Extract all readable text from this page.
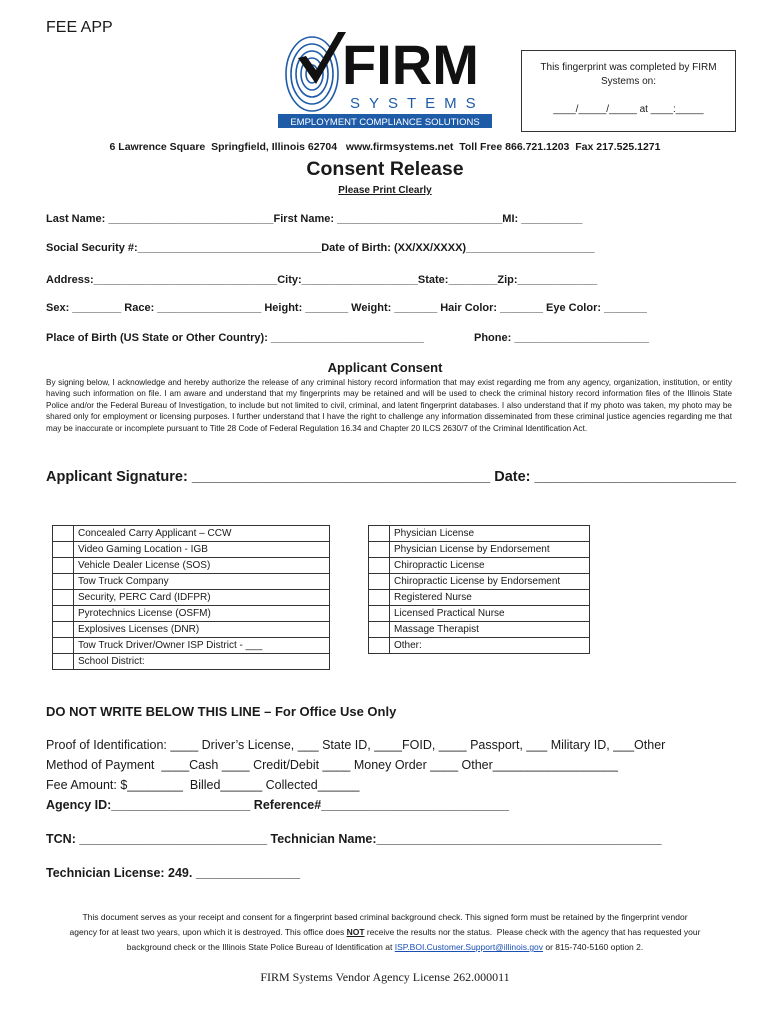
FEE APP
FIRM
SYSTEMS
EMPLOYMENT COMPLIANCE SOLUTIONS
This fingerprint was completed by FIRM
Systems on:
____/_____/_____ at ____:_____
6 Lawrence Square  Springfield, Illinois 62704   www.firmsystems.net  Toll Free 866.721.1203  Fax 217.525.1271
Consent Release
Please Print Clearly
Last Name: ___________________________First Name: ___________________________MI: __________
Social Security #:______________________________Date of Birth: (XX/XX/XXXX)_____________________
Address:______________________________City:___________________State:________Zip:_____________
Sex: ________ Race: _________________ Height: _______ Weight: _______ Hair Color: _______ Eye Color: _______
Place of Birth (US State or Other Country): _________________________	Phone: ______________________
Applicant Consent
By signing below, I acknowledge and hereby authorize the release of any criminal history record information that may exist regarding me from any agency, organization, institution, or entity having such information on file. I am aware and understand that my fingerprints may be retained and will be used to check the criminal history record information files of the Illinois State Police and/or the Federal Bureau of Investigation, to include but not limited to civil, criminal, and latent fingerprint databases. I also understand that if my photo was taken, my photo may be shared only for employment or licensing purposes. I further understand that I have the right to challenge any information disseminated from these criminal justice agencies regarding me that may be inaccurate or incomplete pursuant to Title 28 Code of Federal Regulation 16.34 and Chapter 20 ILCS 2630/7 of the Criminal Identification Act.
Applicant Signature: _____________________________________ Date: _________________________
	Concealed Carry Applicant – CCW
	Video Gaming Location - IGB
	Vehicle Dealer License (SOS)
	Tow Truck Company
	Security, PERC Card (IDFPR)
	Pyrotechnics License (OSFM)
	Explosives Licenses (DNR)
	Tow Truck Driver/Owner ISP District - ___
	School District:
	Physician License
	Physician License by Endorsement
	Chiropractic License
	Chiropractic License by Endorsement
	Registered Nurse
	Licensed Practical Nurse
	Massage Therapist
	Other:
DO NOT WRITE BELOW THIS LINE – For Office Use Only
Proof of Identification: ____ Driver’s License, ___ State ID, ____FOID, ____ Passport, ___ Military ID, ___Other
Method of Payment  ____Cash ____ Credit/Debit ____ Money Order ____ Other__________________
Fee Amount: $________  Billed______ Collected______
Agency ID:____________________ Reference#___________________________
TCN: ___________________________ Technician Name:_________________________________________
Technician License: 249. _______________
This document serves as your receipt and consent for a fingerprint based criminal background check. This signed form must be retained by the fingerprint vendor
agency for at least two years, upon which it is destroyed. This office does NOT receive the results nor the status.  Please check with the agency that has requested your
background check or the Illinois State Police Bureau of Identification at ISP.BOI.Customer.Support@illinois.gov or 815-740-5160 option 2.
FIRM Systems Vendor Agency License 262.000011
